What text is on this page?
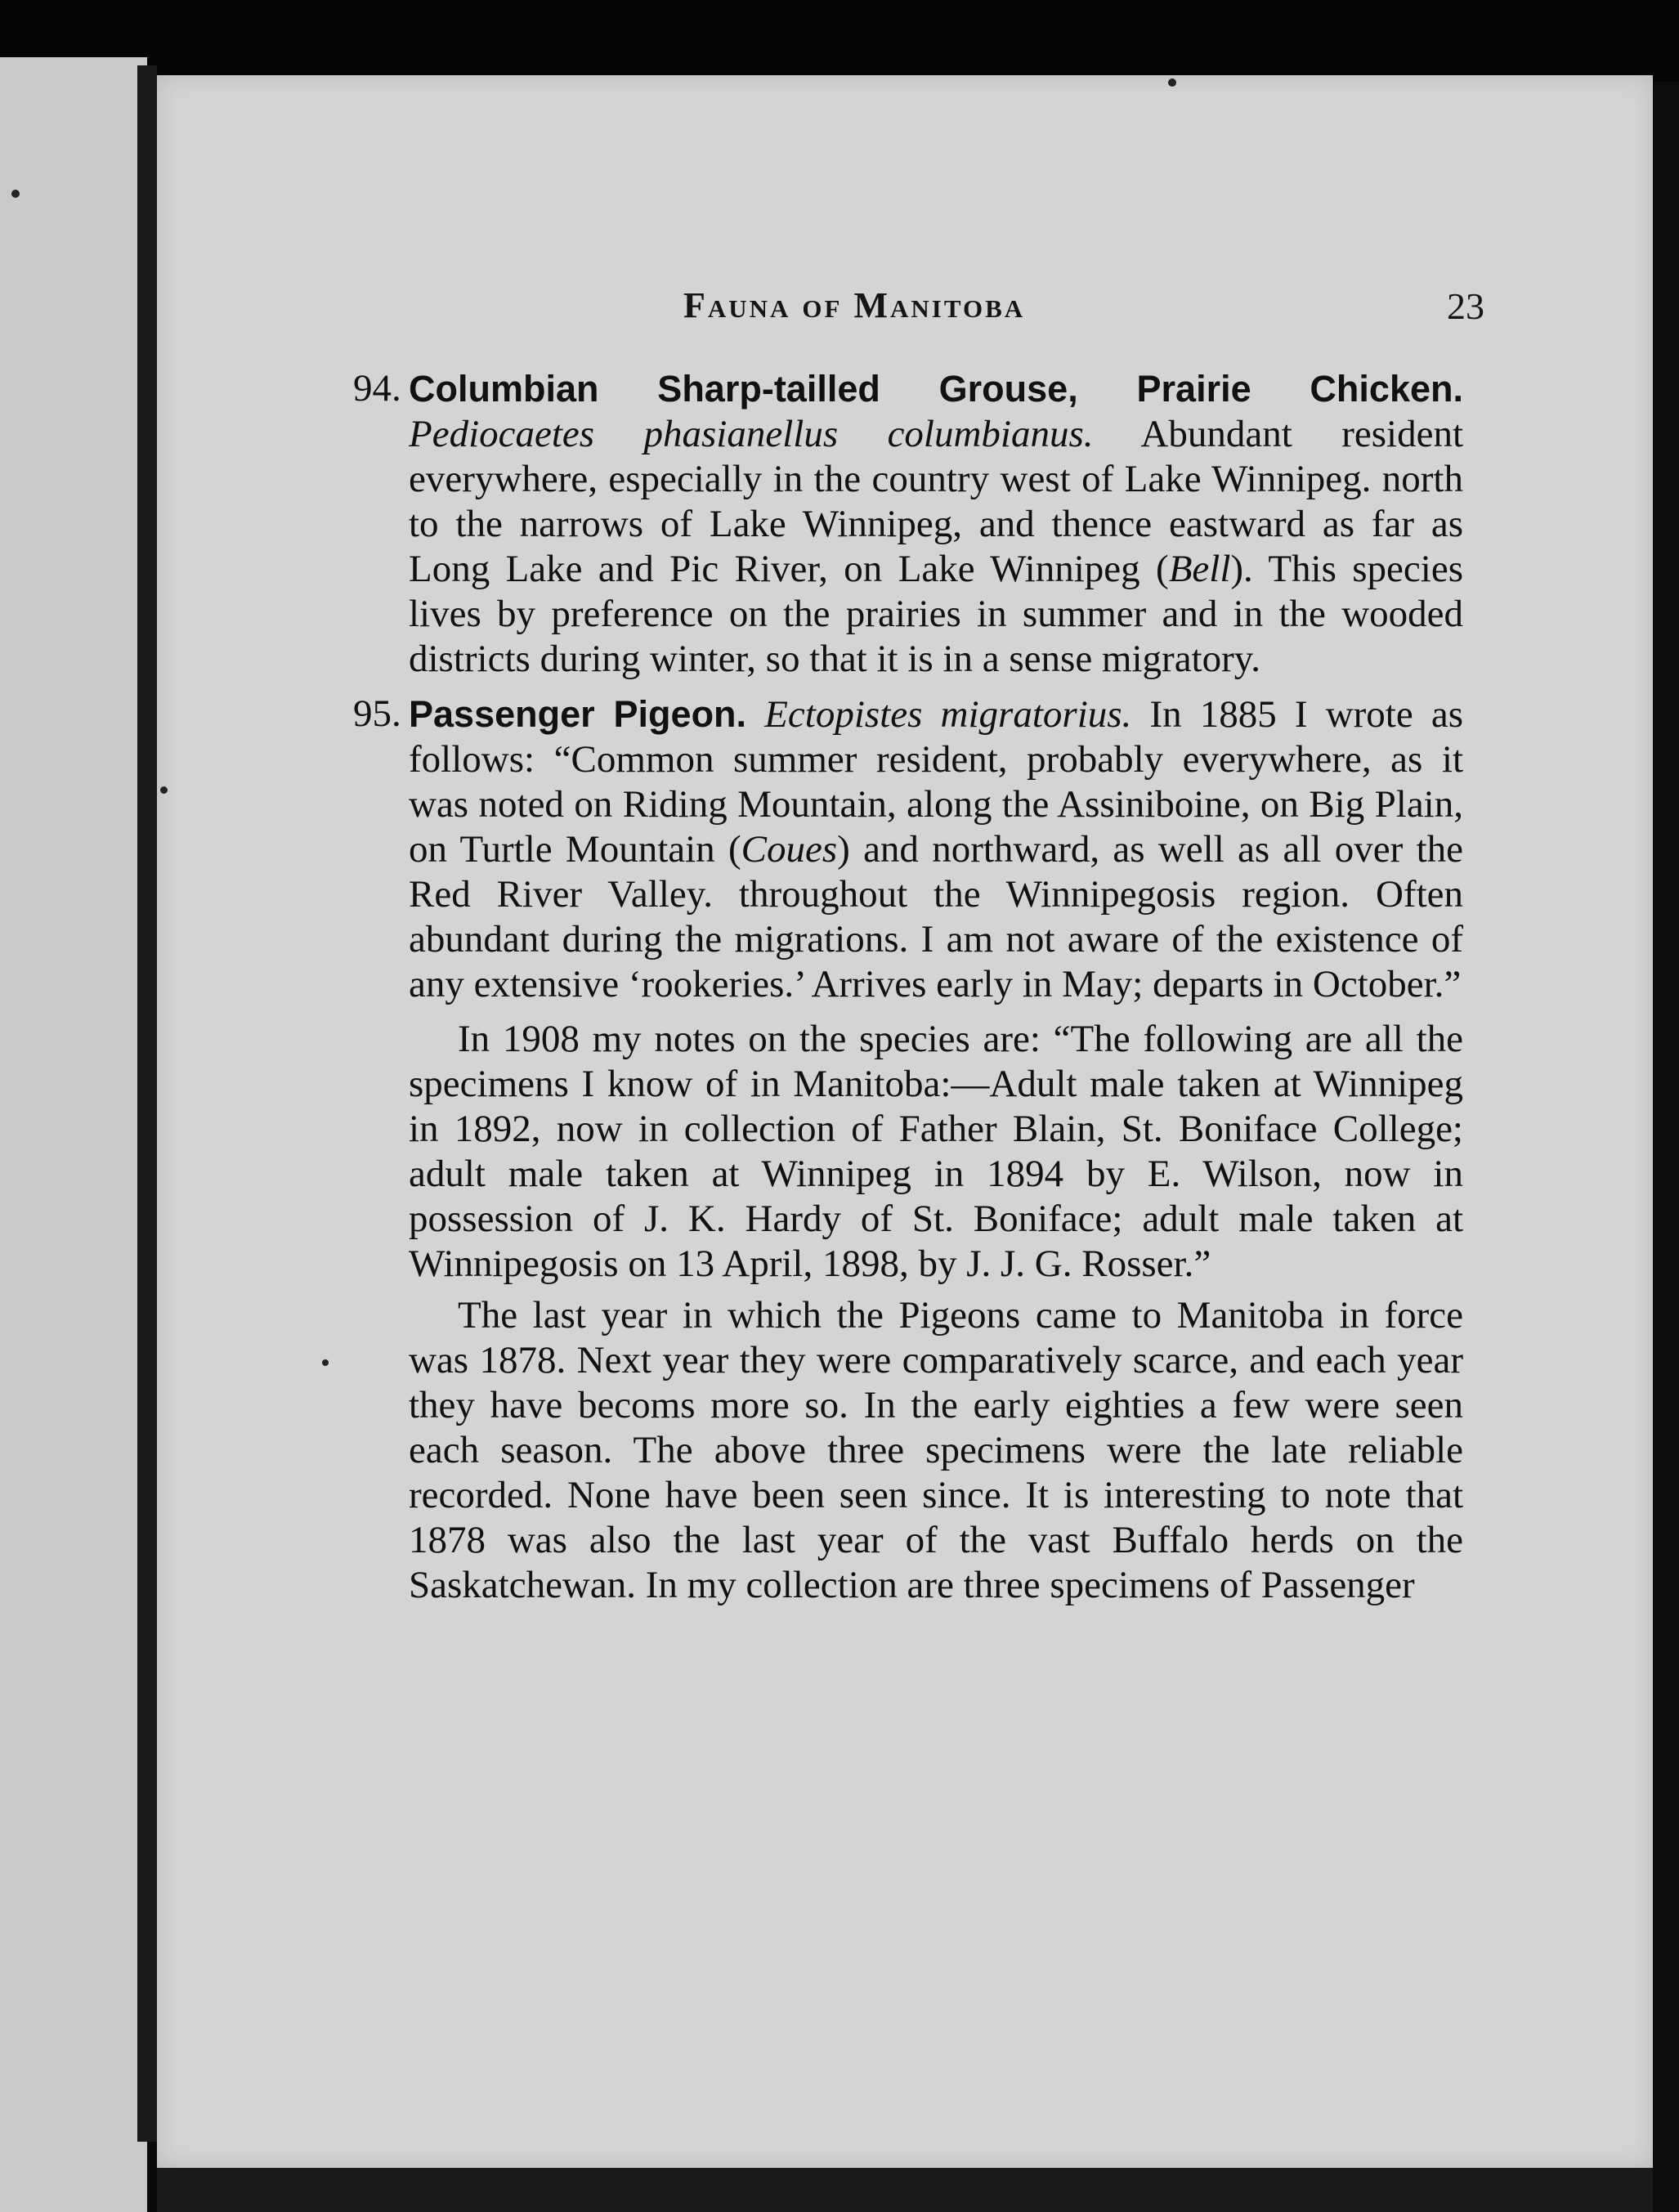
Fauna of Manitoba	23
94. Columbian Sharp-tailled Grouse, Prairie Chicken. Pediocaetes phasianellus columbianus. Abundant resident everywhere, especially in the country west of Lake Winnipeg. north to the narrows of Lake Winnipeg, and thence eastward as far as Long Lake and Pic River, on Lake Winnipeg (Bell). This species lives by preference on the prairies in summer and in the wooded districts during winter, so that it is in a sense migratory.
95. Passenger Pigeon. Ectopistes migratorius. In 1885 I wrote as follows: “Common summer resident, probably everywhere, as it was noted on Riding Mountain, along the Assiniboine, on Big Plain, on Turtle Mountain (Coues) and northward, as well as all over the Red River Valley. throughout the Winnipegosis region. Often abundant during the migrations. I am not aware of the existence of any extensive ‘rookeries.’ Arrives early in May; departs in October.”

In 1908 my notes on the species are: “The following are all the specimens I know of in Manitoba:—Adult male taken at Winnipeg in 1892, now in collection of Father Blain, St. Boniface College; adult male taken at Winnipeg in 1894 by E. Wilson, now in possession of J. K. Hardy of St. Boniface; adult male taken at Winnipegosis on 13 April, 1898, by J. J. G. Rosser.”

The last year in which the Pigeons came to Manitoba in force was 1878. Next year they were comparatively scarce, and each year they have becoms more so. In the early eighties a few were seen each season. The above three specimens were the late reliable recorded. None have been seen since. It is interesting to note that 1878 was also the last year of the vast Buffalo herds on the Saskatchewan. In my collection are three specimens of Passenger
